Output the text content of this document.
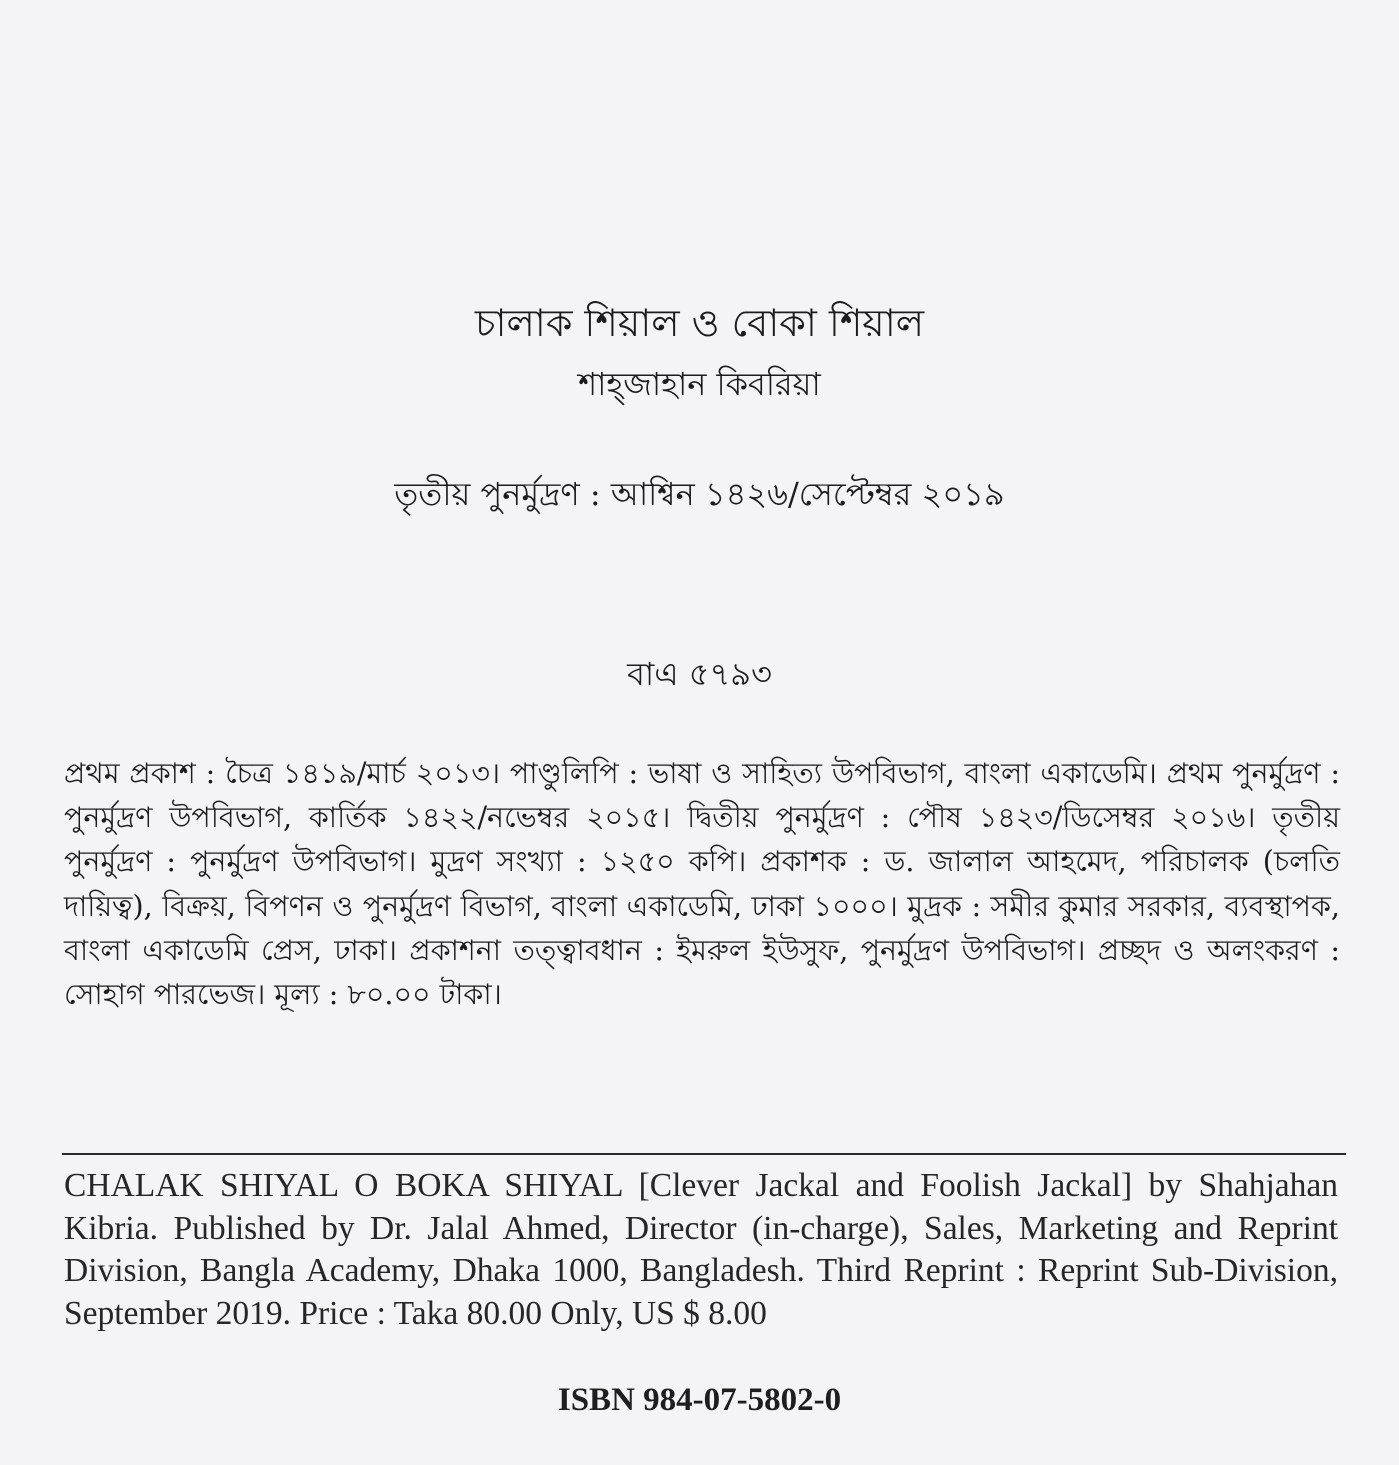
চালাক শিয়াল ও বোকা শিয়াল
শাহ্জাহান কিবরিয়া
তৃতীয় পুনর্মুদ্রণ : আশ্বিন ১৪২৬/সেপ্টেম্বর ২০১৯
বাএ ৫৭৯৩
প্রথম প্রকাশ : চৈত্র ১৪১৯/মার্চ ২০১৩। পাণ্ডুলিপি : ভাষা ও সাহিত্য উপবিভাগ, বাংলা একাডেমি। প্রথম পুনর্মুদ্রণ : পুনর্মুদ্রণ উপবিভাগ, কার্তিক ১৪২২/নভেম্বর ২০১৫। দ্বিতীয় পুনর্মুদ্রণ : পৌষ ১৪২৩/ডিসেম্বর ২০১৬। তৃতীয় পুনর্মুদ্রণ : পুনর্মুদ্রণ উপবিভাগ। মুদ্রণ সংখ্যা : ১২৫০ কপি। প্রকাশক : ড. জালাল আহমেদ, পরিচালক (চলতি দায়িত্ব), বিক্রয়, বিপণন ও পুনর্মুদ্রণ বিভাগ, বাংলা একাডেমি, ঢাকা ১০০০। মুদ্রক : সমীর কুমার সরকার, ব্যবস্থাপক, বাংলা একাডেমি প্রেস, ঢাকা। প্রকাশনা তত্ত্বাবধান : ইমরুল ইউসুফ, পুনর্মুদ্রণ উপবিভাগ। প্রচ্ছদ ও অলংকরণ : সোহাগ পারভেজ। মূল্য : ৮০.০০ টাকা।
CHALAK SHIYAL O BOKA SHIYAL [Clever Jackal and Foolish Jackal] by Shahjahan Kibria. Published by Dr. Jalal Ahmed, Director (in-charge), Sales, Marketing and Reprint Division, Bangla Academy, Dhaka 1000, Bangladesh. Third Reprint : Reprint Sub-Division, September 2019. Price : Taka 80.00 Only, US $ 8.00
ISBN 984-07-5802-0
